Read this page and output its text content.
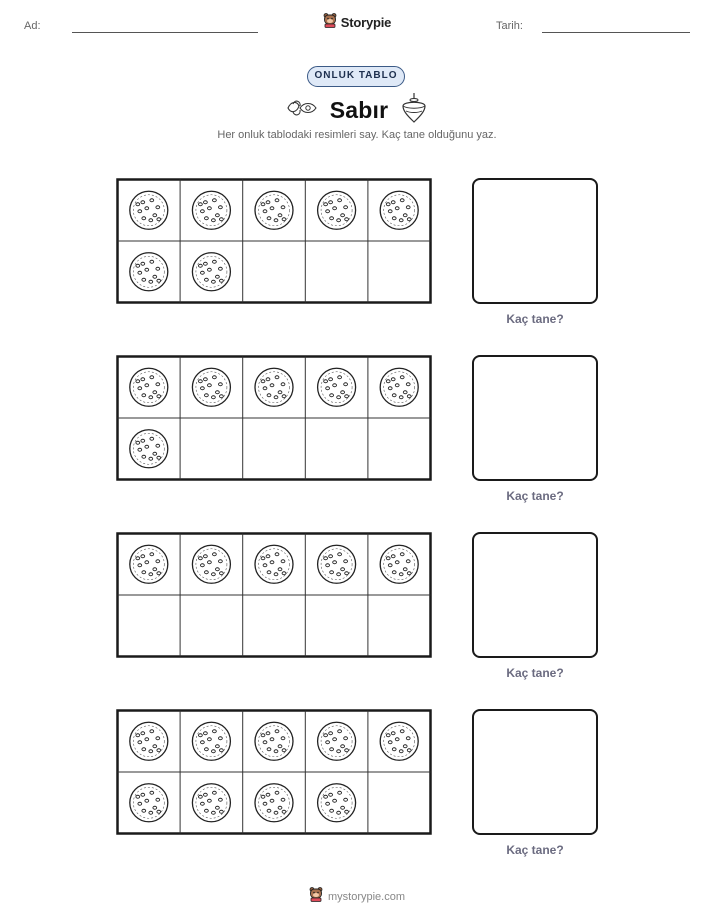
Ad:	Storypie	Tarih:
ONLUK TABLO
Sabır
Her onluk tablodaki resimleri say. Kaç tane olduğunu yaz.
Kaç tane?
Kaç tane?
Kaç tane?
Kaç tane?
mystorypie.com
